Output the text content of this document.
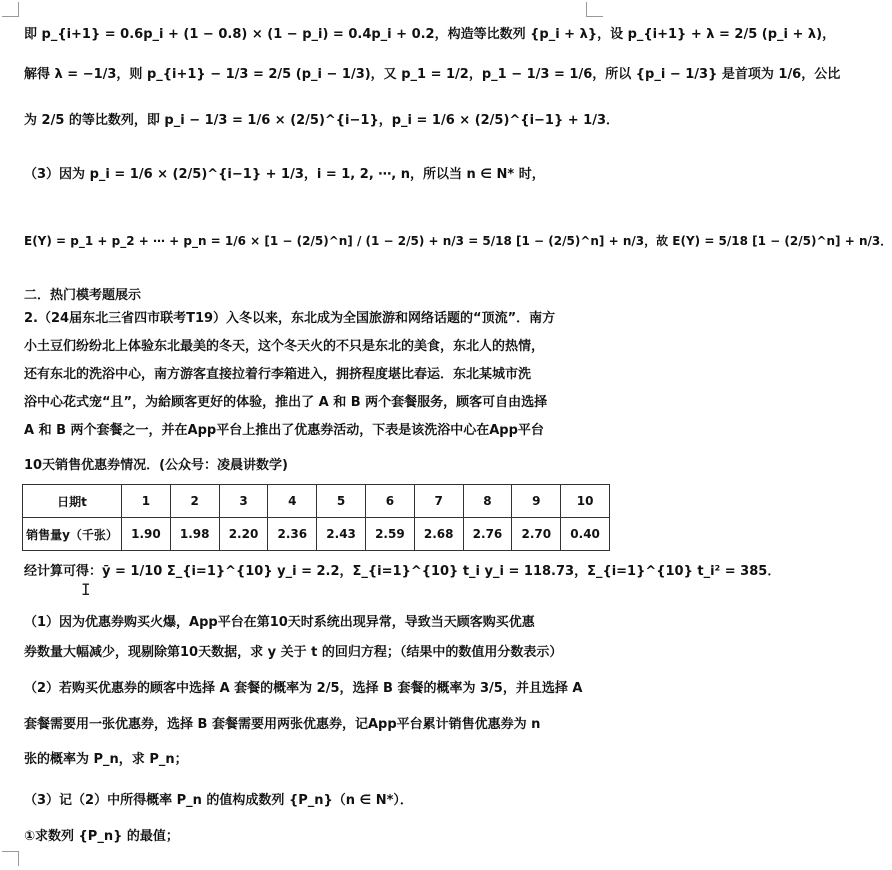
即 p_{i+1} = 0.6p_i + (1 − 0.8) × (1 − p_i) = 0.4p_i + 0.2，构造等比数列 {p_i + λ}，设 p_{i+1} + λ = 2/5 (p_i + λ)，
解得 λ = −1/3，则 p_{i+1} − 1/3 = 2/5 (p_i − 1/3)，又 p_1 = 1/2，p_1 − 1/3 = 1/6，所以 {p_i − 1/3} 是首项为 1/6，公比
为 2/5 的等比数列，即 p_i − 1/3 = 1/6 × (2/5)^{i−1}，p_i = 1/6 × (2/5)^{i−1} + 1/3．
（3）因为 p_i = 1/6 × (2/5)^{i−1} + 1/3，i = 1, 2, ⋯, n，所以当 n ∈ N* 时，
E(Y) = p_1 + p_2 + ⋯ + p_n = 1/6 × [1 − (2/5)^n] / (1 − 2/5) + n/3 = 5/18 [1 − (2/5)^n] + n/3，故 E(Y) = 5/18 [1 − (2/5)^n] + n/3．
二．热门模考题展示
2.（24届东北三省四市联考T19）入冬以来，东北成为全国旅游和网络话题的“顶流”．南方
小土豆们纷纷北上体验东北最美的冬天，这个冬天火的不只是东北的美食，东北人的热情，
还有东北的洗浴中心，南方游客直接拉着行李箱进入，拥挤程度堪比春运．东北某城市洗
浴中心花式宠“且”，为給顾客更好的体验，推出了 A 和 B 两个套餐服务，顾客可自由选择
A 和 B 两个套餐之一，并在App平台上推出了优惠券活动，下表是该洗浴中心在App平台
10天销售优惠券情况．(公众号：凌晨讲数学)
日期t	1	2	3	4	5	6	7	8	9	10
销售量y（千张）	1.90	1.98	2.20	2.36	2.43	2.59	2.68	2.76	2.70	0.40
经计算可得：ȳ = 1/10 Σ_{i=1}^{10} y_i = 2.2，Σ_{i=1}^{10} t_i y_i = 118.73，Σ_{i=1}^{10} t_i² = 385．
I
（1）因为优惠券购买火爆，App平台在第10天时系统出现异常，导致当天顾客购买优惠
券数量大幅减少，现剔除第10天数据，求 y 关于 t 的回归方程；（结果中的数值用分数表示）
（2）若购买优惠券的顾客中选择 A 套餐的概率为 2/5，选择 B 套餐的概率为 3/5，并且选择 A
套餐需要用一张优惠券，选择 B 套餐需要用两张优惠券，记App平台累计销售优惠券为 n
张的概率为 P_n，求 P_n；
（3）记（2）中所得概率 P_n 的值构成数列 {P_n}（n ∈ N*）．
①求数列 {P_n} 的最值；
